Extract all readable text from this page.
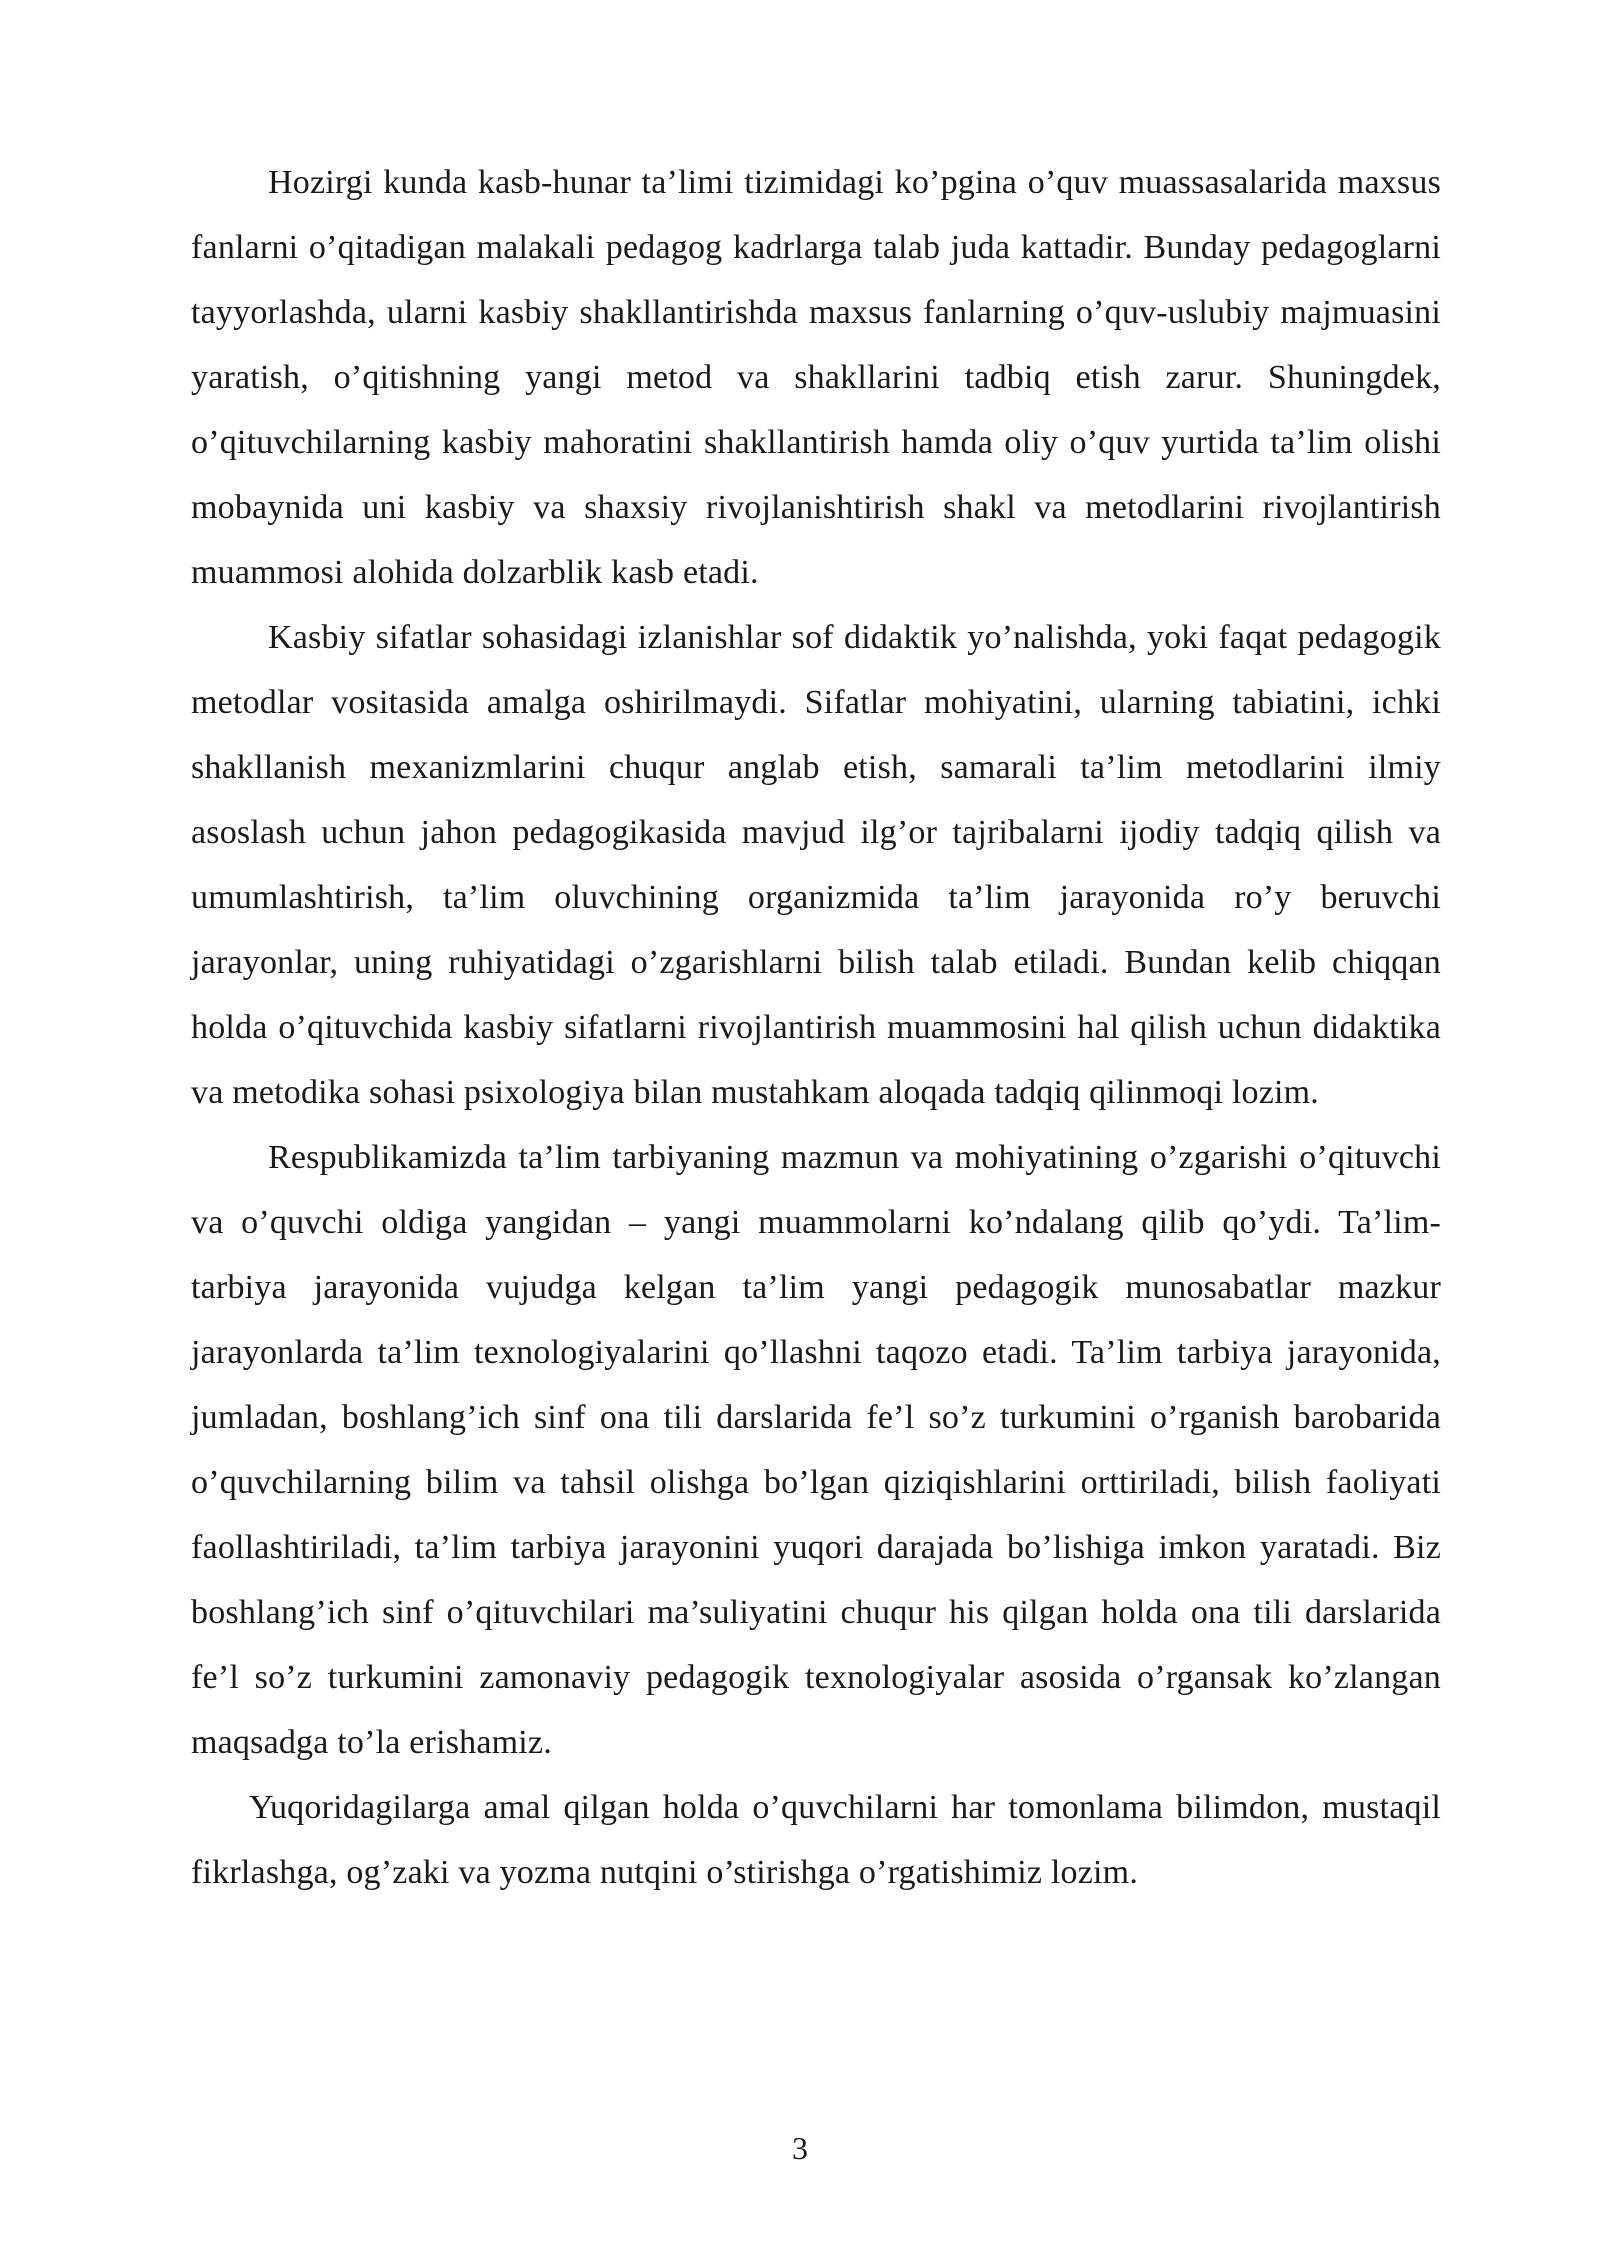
Hozirgi kunda kasb-hunar ta’limi tizimidagi ko’pgina o’quv muassasalarida maxsus fanlarni o’qitadigan malakali pedagog kadrlarga talab juda kattadir. Bunday pedagoglarni tayyorlashda, ularni kasbiy shakllantirishda maxsus fanlarning o’quv-uslubiy majmuasini yaratish, o’qitishning yangi metod va shakllarini tadbiq etish zarur. Shuningdek, o’qituvchilarning kasbiy mahoratini shakllantirish hamda oliy o’quv yurtida ta’lim olishi mobaynida uni kasbiy va shaxsiy rivojlanishtirish shakl va metodlarini rivojlantirish muammosi alohida dolzarblik kasb etadi.

Kasbiy sifatlar sohasidagi izlanishlar sof didaktik yo’nalishda, yoki faqat pedagogik metodlar vositasida amalga oshirilmaydi. Sifatlar mohiyatini, ularning tabiatini, ichki shakllanish mexanizmlarini chuqur anglab etish, samarali ta’lim metodlarini ilmiy asoslash uchun jahon pedagogikasida mavjud ilg’or tajribalarni ijodiy tadqiq qilish va umumlashtirish, ta’lim oluvchining organizmida ta’lim jarayonida ro’y beruvchi jarayonlar, uning ruhiyatidagi o’zgarishlarni bilish talab etiladi. Bundan kelib chiqqan holda o’qituvchida kasbiy sifatlarni rivojlantirish muammosini hal qilish uchun didaktika va metodika sohasi psixologiya bilan mustahkam aloqada tadqiq qilinmoqi lozim.

Respublikamizda ta’lim tarbiyaning mazmun va mohiyatining o’zgarishi o’qituvchi va o’quvchi oldiga yangidan – yangi muammolarni ko’ndalang qilib qo’ydi. Ta’lim-tarbiya jarayonida vujudga kelgan ta’lim yangi pedagogik munosabatlar mazkur jarayonlarda ta’lim texnologiyalarini qo’llashni taqozo etadi. Ta’lim tarbiya jarayonida, jumladan, boshlang’ich sinf ona tili darslarida fe’l so’z turkumini o’rganish barobarida o’quvchilarning bilim va tahsil olishga bo’lgan qiziqishlarini orttiriladi, bilish faoliyati faollashtiriladi, ta’lim tarbiya jarayonini yuqori darajada bo’lishiga imkon yaratadi. Biz boshlang’ich sinf o’qituvchilari ma’suliyatini chuqur his qilgan holda ona tili darslarida fe’l so’z turkumini zamonaviy pedagogik texnologiyalar asosida o’rgansak ko’zlangan maqsadga to’la erishamiz.

Yuqoridagilarga amal qilgan holda o’quvchilarni har tomonlama bilimdon, mustaqil fikrlashga, og’zaki va yozma nutqini o’stirishga o’rgatishimiz lozim.

3
